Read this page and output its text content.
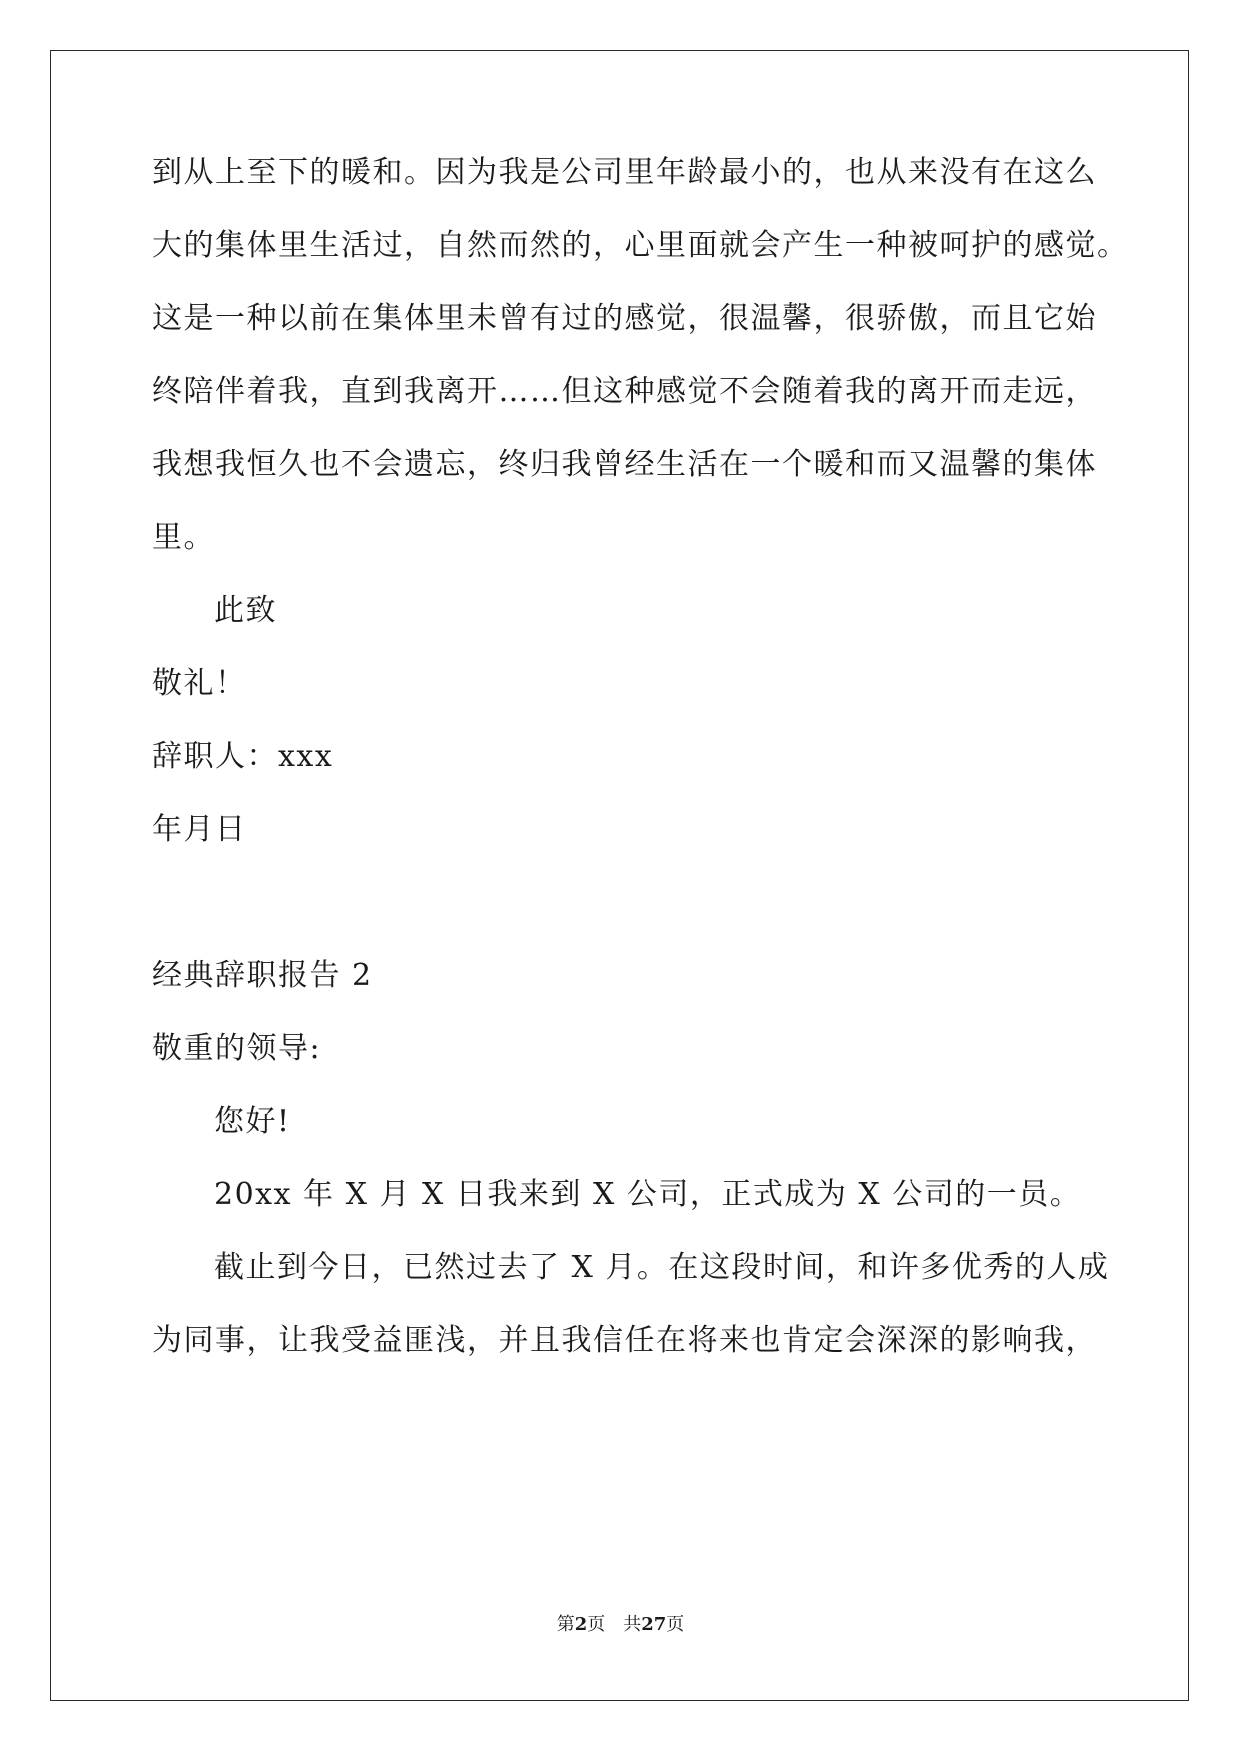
到从上至下的暖和。因为我是公司里年龄最小的，也从来没有在这么
大的集体里生活过，自然而然的，心里面就会产生一种被呵护的感觉。
这是一种以前在集体里未曾有过的感觉，很温馨，很骄傲，而且它始
终陪伴着我，直到我离开……但这种感觉不会随着我的离开而走远，
我想我恒久也不会遗忘，终归我曾经生活在一个暖和而又温馨的集体
里。
此致
敬礼！
辞职人：xxx
年月日
经典辞职报告 2
敬重的领导:
您好!
20xx 年 X 月 X 日我来到 X 公司，正式成为 X 公司的一员。
截止到今日，已然过去了 X 月。在这段时间，和许多优秀的人成
为同事，让我受益匪浅，并且我信任在将来也肯定会深深的影响我，
第2页　共27页
